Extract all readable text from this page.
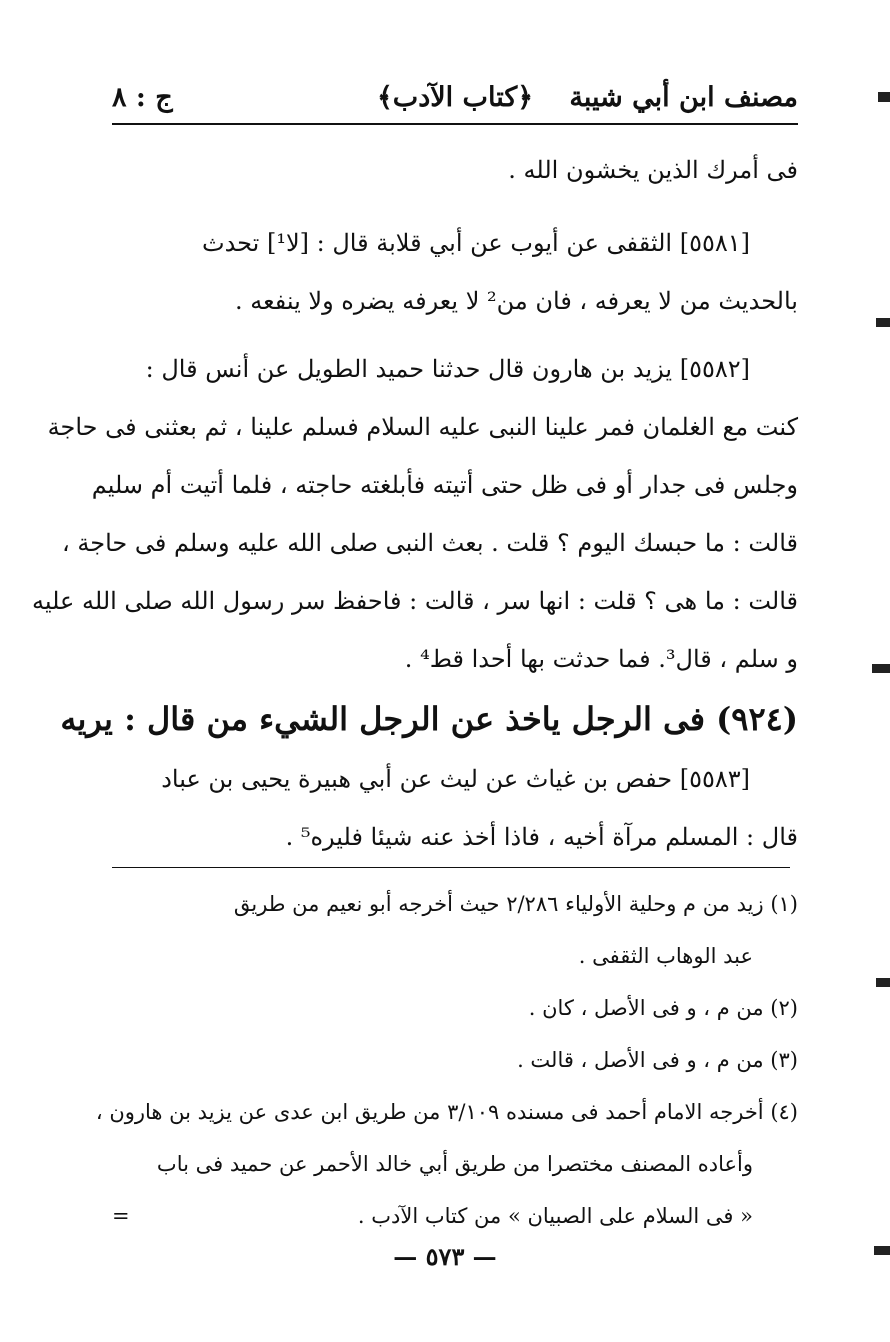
مصنف ابن أبي شيبة
﴿كتاب الآدب﴾
ج : ٨
فى أمرك الذين يخشون الله .
[٥٥٨١] الثقفى عن أيوب عن أبي قلابة قال : [لا¹] تحدث
بالحديث من لا يعرفه ، فان من² لا يعرفه يضره ولا ينفعه .
[٥٥٨٢] يزيد بن هارون قال حدثنا حميد الطويل عن أنس قال :
كنت مع الغلمان فمر علينا النبى عليه السلام فسلم علينا ، ثم بعثنى فى حاجة
وجلس فى جدار أو فى ظل حتى أتيته فأبلغته حاجته ، فلما أتيت أم سليم
قالت : ما حبسك اليوم ؟ قلت . بعث النبى صلى الله عليه وسلم فى حاجة ،
قالت : ما هى ؟ قلت : انها سر ، قالت : فاحفظ سر رسول الله صلى الله عليه
و سلم ، قال³. فما حدثت بها أحدا قط⁴ .
(٩٢٤) فى الرجل ياخذ عن الرجل الشيء من قال : يريه
[٥٥٨٣] حفص بن غياث عن ليث عن أبي هبيرة يحيى بن عباد
قال : المسلم مرآة أخيه ، فاذا أخذ عنه شيئا فليره⁵ .
(١) زيد من م وحلية الأولياء ٢/٢٨٦ حيث أخرجه أبو نعيم من طريق
عبد الوهاب الثقفى .
(٢) من م ، و فى الأصل ، كان .
(٣) من م ، و فى الأصل ، قالت .
(٤) أخرجه الامام أحمد فى مسنده ٣/١٠٩ من طريق ابن عدى عن يزيد بن هارون ،
وأعاده المصنف مختصرا من طريق أبي خالد الأحمر عن حميد فى باب
« فى السلام على الصبيان » من كتاب الآدب .
=
— ٥٧٣ —
